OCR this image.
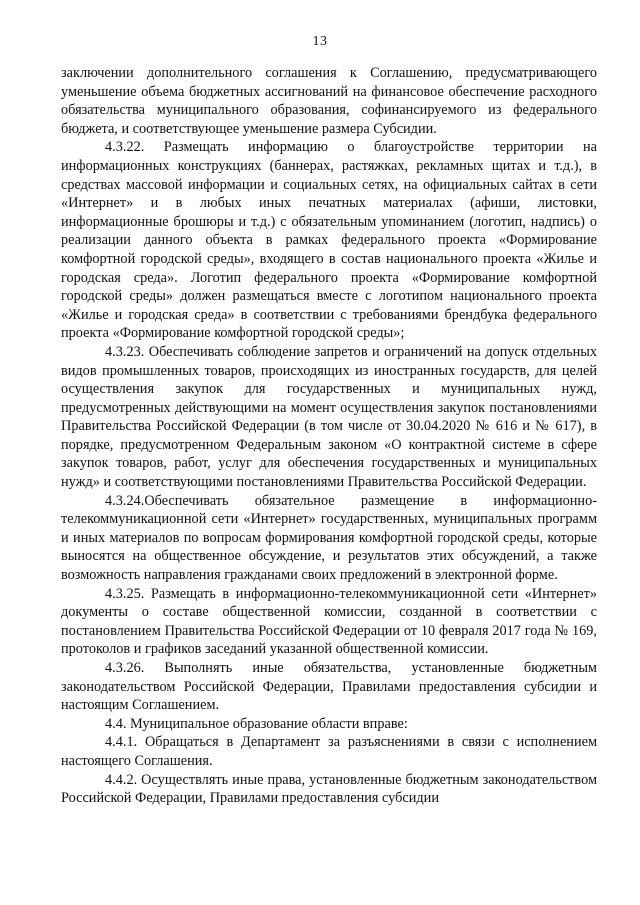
13

заключении дополнительного соглашения к Соглашению, предусматривающего уменьшение объема бюджетных ассигнований на финансовое обеспечение расходного обязательства муниципального образования, софинансируемого из федерального бюджета, и соответствующее уменьшение размера Субсидии.

4.3.22. Размещать информацию о благоустройстве территории на информационных конструкциях (баннерах, растяжках, рекламных щитах и т.д.), в средствах массовой информации и социальных сетях, на официальных сайтах в сети «Интернет» и в любых иных печатных материалах (афиши, листовки, информационные брошюры и т.д.) с обязательным упоминанием (логотип, надпись) о реализации данного объекта в рамках федерального проекта «Формирование комфортной городской среды», входящего в состав национального проекта «Жилье и городская среда». Логотип федерального проекта «Формирование комфортной городской среды» должен размещаться вместе с логотипом национального проекта «Жилье и городская среда» в соответствии с требованиями брендбука федерального проекта «Формирование комфортной городской среды»;

4.3.23. Обеспечивать соблюдение запретов и ограничений на допуск отдельных видов промышленных товаров, происходящих из иностранных государств, для целей осуществления закупок для государственных и муниципальных нужд, предусмотренных действующими на момент осуществления закупок постановлениями Правительства Российской Федерации (в том числе от 30.04.2020 № 616 и № 617), в порядке, предусмотренном Федеральным законом «О контрактной системе в сфере закупок товаров, работ, услуг для обеспечения государственных и муниципальных нужд» и соответствующими постановлениями Правительства Российской Федерации.

4.3.24.Обеспечивать обязательное размещение в информационно-телекоммуникационной сети «Интернет» государственных, муниципальных программ и иных материалов по вопросам формирования комфортной городской среды, которые выносятся на общественное обсуждение, и результатов этих обсуждений, а также возможность направления гражданами своих предложений в электронной форме.

4.3.25. Размещать в информационно-телекоммуникационной сети «Интернет» документы о составе общественной комиссии, созданной в соответствии с постановлением Правительства Российской Федерации от 10 февраля 2017 года № 169, протоколов и графиков заседаний указанной общественной комиссии.

4.3.26. Выполнять иные обязательства, установленные бюджетным законодательством Российской Федерации, Правилами предоставления субсидии и настоящим Соглашением.

4.4. Муниципальное образование области вправе:

4.4.1. Обращаться в Департамент за разъяснениями в связи с исполнением настоящего Соглашения.

4.4.2. Осуществлять иные права, установленные бюджетным законодательством Российской Федерации, Правилами предоставления субсидии
